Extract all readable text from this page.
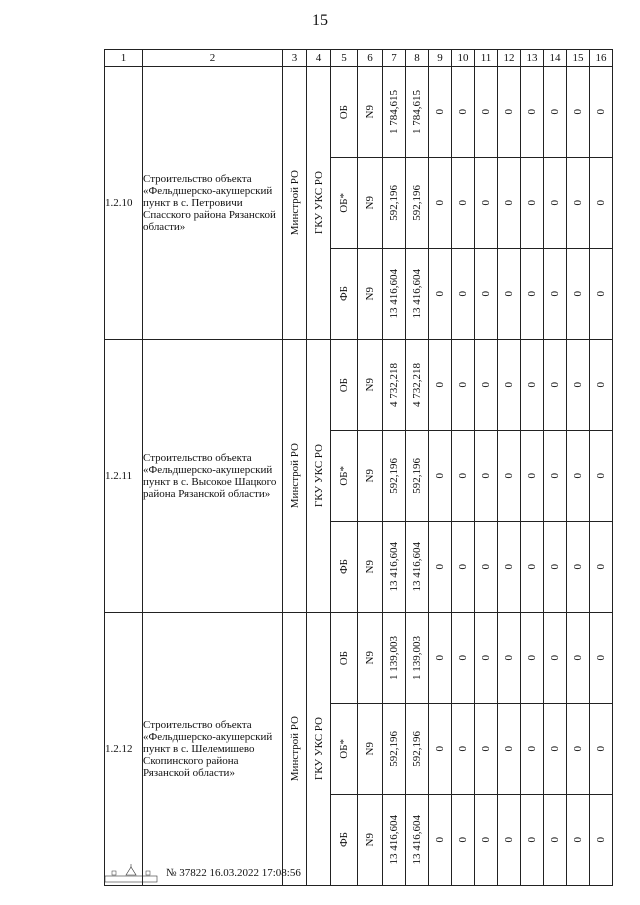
15
1	2	3	4	5	6	7	8	9	10	11	12	13	14	15	16
1.2.10	Строительство объекта «Фельдшерско-акушерский пункт в с. Петровичи Спасского района Рязанской области»	Минстрой РО	ГКУ УКС РО	ОБ	N9	1 784,615	1 784,615	0	0	0	0	0	0	0	0

				ОБ*	N9	592,196	592,196	0	0	0	0	0	0	0	0

				ФБ	N9	13 416,604	13 416,604	0	0	0	0	0	0	0	0

1.2.11	Строительство объекта «Фельдшерско-акушерский пункт в с. Высокое Шацкого района Рязанской области»	Минстрой РО	ГКУ УКС РО	ОБ	N9	4 732,218	4 732,218	0	0	0	0	0	0	0	0

				ОБ*	N9	592,196	592,196	0	0	0	0	0	0	0	0

				ФБ	N9	13 416,604	13 416,604	0	0	0	0	0	0	0	0

1.2.12	Строительство объекта «Фельдшерско-акушерский пункт в с. Шелемишево Скопинского района Рязанской области»	Минстрой РО	ГКУ УКС РО	ОБ	N9	1 139,003	1 139,003	0	0	0	0	0	0	0	0

				ОБ*	N9	592,196	592,196	0	0	0	0	0	0	0	0

				ФБ	N9	13 416,604	13 416,604	0	0	0	0	0	0	0	0
№ 37822 16.03.2022 17:08:56
